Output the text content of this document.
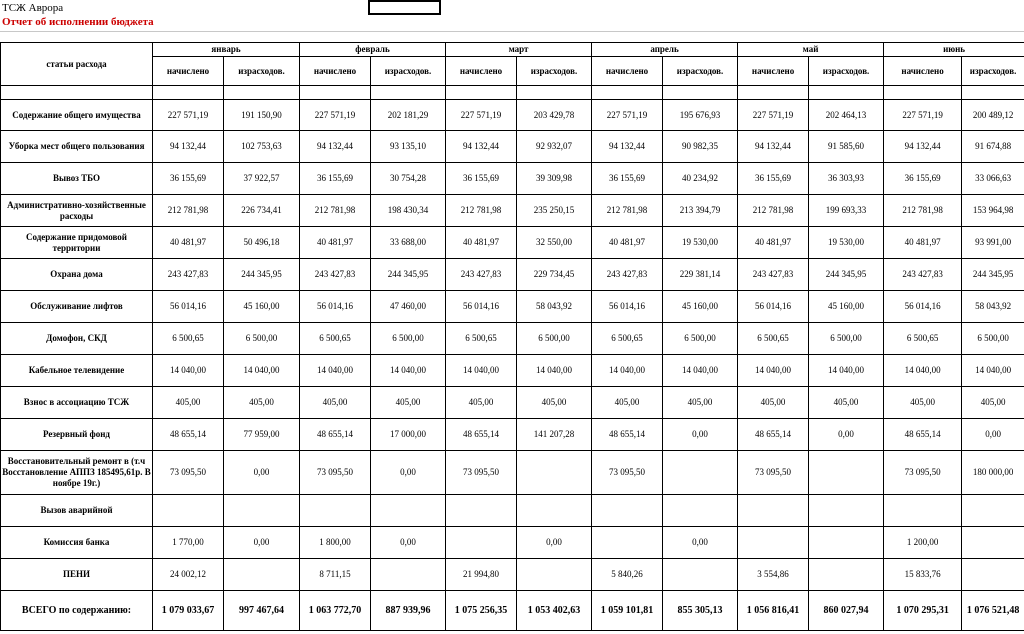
ТСЖ Аврора
Отчет об исполнении бюджета
статьи расхода	январь		февраль		март		апрель		май		июнь	
	начислено	израсходов.	начислено	израсходов.	начислено	израсходов.	начислено	израсходов.	начислено	израсходов.	начислено	израсходов.

Содержание общего имущества	227 571,19	191 150,90	227 571,19	202 181,29	227 571,19	203 429,78	227 571,19	195 676,93	227 571,19	202 464,13	227 571,19	200 489,12
Уборка мест общего пользования	94 132,44	102 753,63	94 132,44	93 135,10	94 132,44	92 932,07	94 132,44	90 982,35	94 132,44	91 585,60	94 132,44	91 674,88
Вывоз ТБО	36 155,69	37 922,57	36 155,69	30 754,28	36 155,69	39 309,98	36 155,69	40 234,92	36 155,69	36 303,93	36 155,69	33 066,63
Административно-хозяйственные расходы	212 781,98	226 734,41	212 781,98	198 430,34	212 781,98	235 250,15	212 781,98	213 394,79	212 781,98	199 693,33	212 781,98	153 964,98
Содержание придомовой территории	40 481,97	50 496,18	40 481,97	33 688,00	40 481,97	32 550,00	40 481,97	19 530,00	40 481,97	19 530,00	40 481,97	93 991,00
Охрана дома	243 427,83	244 345,95	243 427,83	244 345,95	243 427,83	229 734,45	243 427,83	229 381,14	243 427,83	244 345,95	243 427,83	244 345,95
Обслуживание лифтов	56 014,16	45 160,00	56 014,16	47 460,00	56 014,16	58 043,92	56 014,16	45 160,00	56 014,16	45 160,00	56 014,16	58 043,92
Домофон, СКД	6 500,65	6 500,00	6 500,65	6 500,00	6 500,65	6 500,00	6 500,65	6 500,00	6 500,65	6 500,00	6 500,65	6 500,00
Кабельное телевидение	14 040,00	14 040,00	14 040,00	14 040,00	14 040,00	14 040,00	14 040,00	14 040,00	14 040,00	14 040,00	14 040,00	14 040,00
Взнос в ассоциацию ТСЖ	405,00	405,00	405,00	405,00	405,00	405,00	405,00	405,00	405,00	405,00	405,00	405,00
Резервный фонд	48 655,14	77 959,00	48 655,14	17 000,00	48 655,14	141 207,28	48 655,14	0,00	48 655,14	0,00	48 655,14	0,00
Восстановительный ремонт в (т.ч Восстановление АППЗ 185495,61р. В ноябре 19г.)	73 095,50	0,00	73 095,50	0,00	73 095,50		73 095,50		73 095,50		73 095,50	180 000,00
Вызов аварийной												
Комиссия банка	1 770,00	0,00	1 800,00	0,00		0,00		0,00			1 200,00	
ПЕНИ	24 002,12		8 711,15		21 994,80		5 840,26		3 554,86		15 833,76	
ВСЕГО по содержанию:	1 079 033,67	997 467,64	1 063 772,70	887 939,96	1 075 256,35	1 053 402,63	1 059 101,81	855 305,13	1 056 816,41	860 027,94	1 070 295,31	1 076 521,48
